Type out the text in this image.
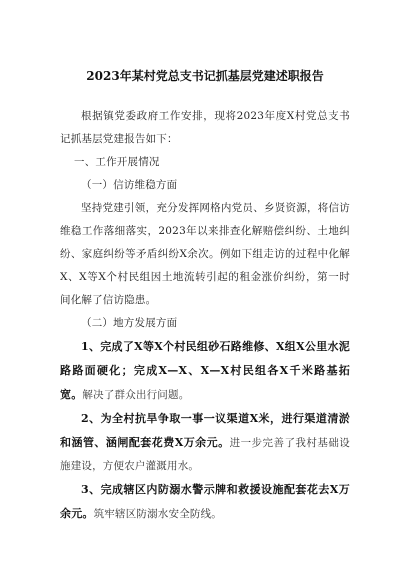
2023年某村党总支书记抓基层党建述职报告

根据镇党委政府工作安排，现将2023年度X村党总支书记抓基层党建报告如下：

一、工作开展情况

（一）信访维稳方面

坚持党建引领，充分发挥网格内党员、乡贤资源，将信访维稳工作落细落实，2023年以来排查化解赔偿纠纷、土地纠纷、家庭纠纷等矛盾纠纷X余次。例如下组走访的过程中化解X、X等X个村民组因土地流转引起的租金涨价纠纷，第一时间化解了信访隐患。

（二）地方发展方面

1、完成了X等X个村民组砂石路维修、X组X公里水泥路路面硬化；完成X—X、X—X村民组各X千米路基拓宽。解决了群众出行问题。

2、为全村抗旱争取一事一议渠道X米，进行渠道清淤和涵管、涵闸配套花费X万余元。进一步完善了我村基础设施建设，方便农户灌溉用水。

3、完成辖区内防溺水警示牌和救援设施配套花去X万余元。筑牢辖区防溺水安全防线。
